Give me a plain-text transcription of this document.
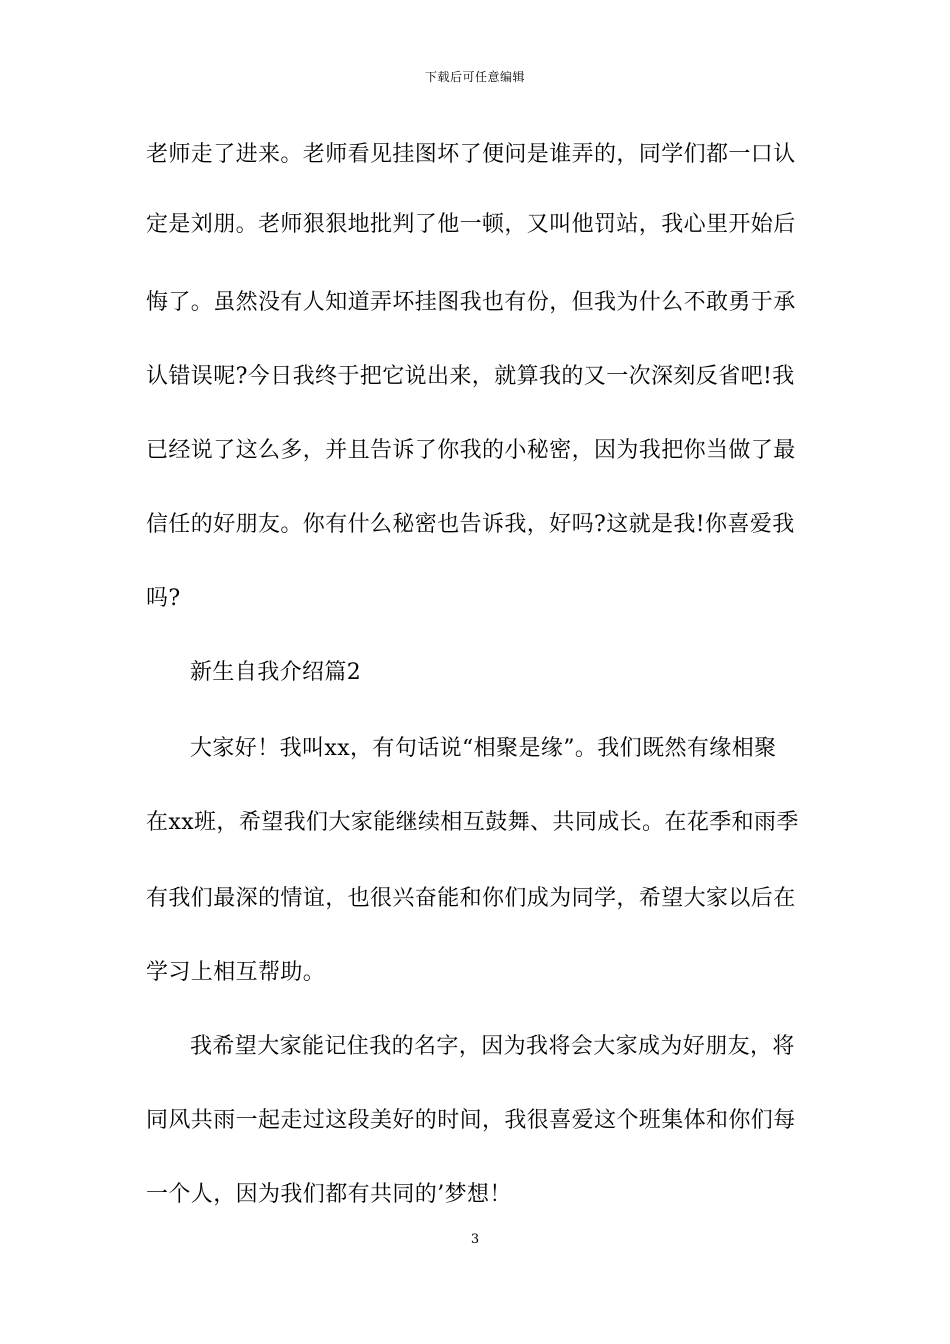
下载后可任意编辑
老师走了进来。老师看见挂图坏了便问是谁弄的，同学们都一口认
定是刘朋。老师狠狠地批判了他一顿，又叫他罚站，我心里开始后
悔了。虽然没有人知道弄坏挂图我也有份，但我为什么不敢勇于承
认错误呢?今日我终于把它说出来，就算我的又一次深刻反省吧!我
已经说了这么多，并且告诉了你我的小秘密，因为我把你当做了最
信任的好朋友。你有什么秘密也告诉我，好吗?这就是我!你喜爱我
吗?
新生自我介绍篇2
大家好！我叫xx，有句话说“相聚是缘”。我们既然有缘相聚
在xx班，希望我们大家能继续相互鼓舞、共同成长。在花季和雨季
有我们最深的情谊，也很兴奋能和你们成为同学，希望大家以后在
学习上相互帮助。
我希望大家能记住我的名字，因为我将会大家成为好朋友，将
同风共雨一起走过这段美好的时间，我很喜爱这个班集体和你们每
一个人，因为我们都有共同的’梦想！
3
